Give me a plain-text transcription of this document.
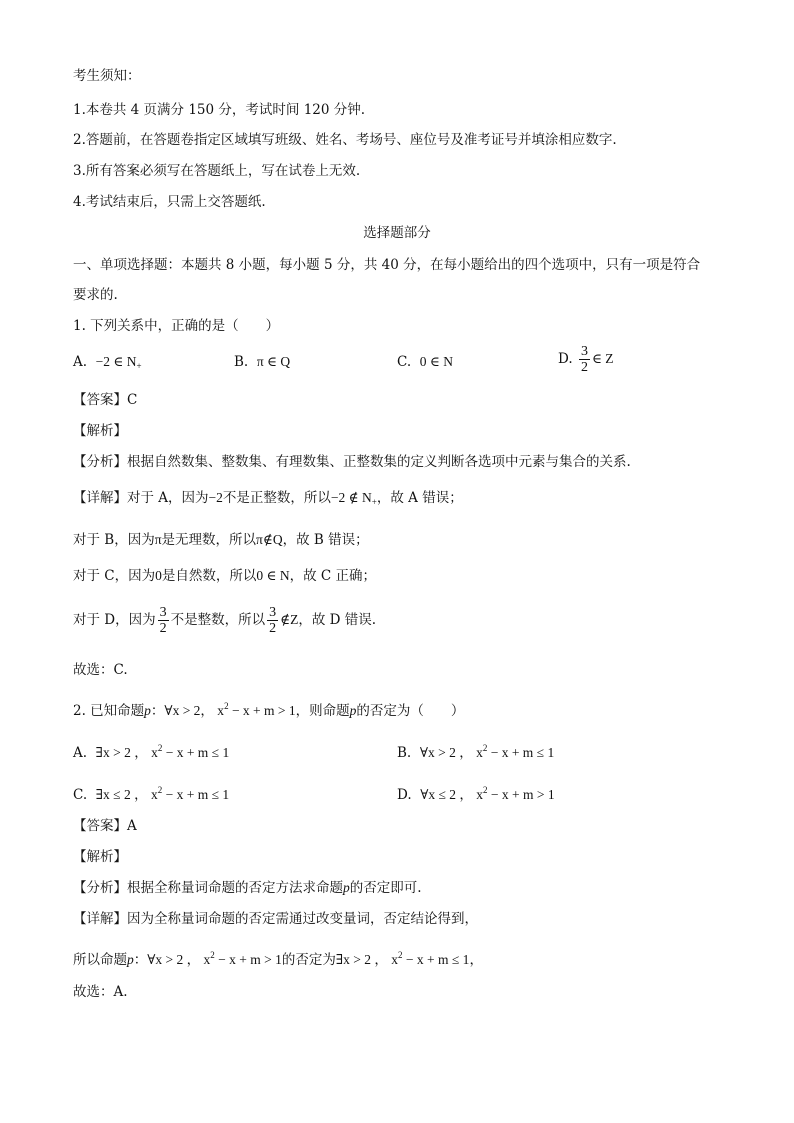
考生须知：
1.本卷共 4 页满分 150 分，考试时间 120 分钟.
2.答题前，在答题卷指定区域填写班级、姓名、考场号、座位号及准考证号并填涂相应数字.
3.所有答案必须写在答题纸上，写在试卷上无效.
4.考试结束后，只需上交答题纸.
选择题部分
一、单项选择题：本题共 8 小题，每小题 5 分，共 40 分，在每小题给出的四个选项中，只有一项是符合
要求的.
1. 下列关系中，正确的是（　　）
A. −2 ∈ $N_+$	B. π ∈ Q	C. 0 ∈ N	D. $\frac{3}{2}$ ∈ Z
【答案】C
【解析】
【分析】根据自然数集、整数集、有理数集、正整数集的定义判断各选项中元素与集合的关系.
【详解】对于 A，因为−2不是正整数，所以−2 ∉ $N_+$，故 A 错误；
对于 B，因为π是无理数，所以π∉Q，故 B 错误；
对于 C，因为0是自然数，所以0 ∈ N，故 C 正确；
对于 D，因为 $\frac{3}{2}$ 不是整数，所以 $\frac{3}{2}$ ∉Z，故 D 错误.
故选：C.
2. 已知命题p：∀x > 2， $x^2 - x + m > 1$，则命题p的否定为（　　）
A. ∃x > 2 ， $x^2 - x + m \le 1$	B. ∀x > 2 ， $x^2 - x + m \le 1$
C. ∃x ≤ 2 ， $x^2 - x + m \le 1$	D. ∀x ≤ 2 ， $x^2 - x + m > 1$
【答案】A
【解析】
【分析】根据全称量词命题的否定方法求命题p的否定即可.
【详解】因为全称量词命题的否定需通过改变量词，否定结论得到，
所以命题p：∀x > 2 ， $x^2 - x + m > 1$的否定为∃x > 2 ， $x^2 - x + m \le 1$，
故选：A.
